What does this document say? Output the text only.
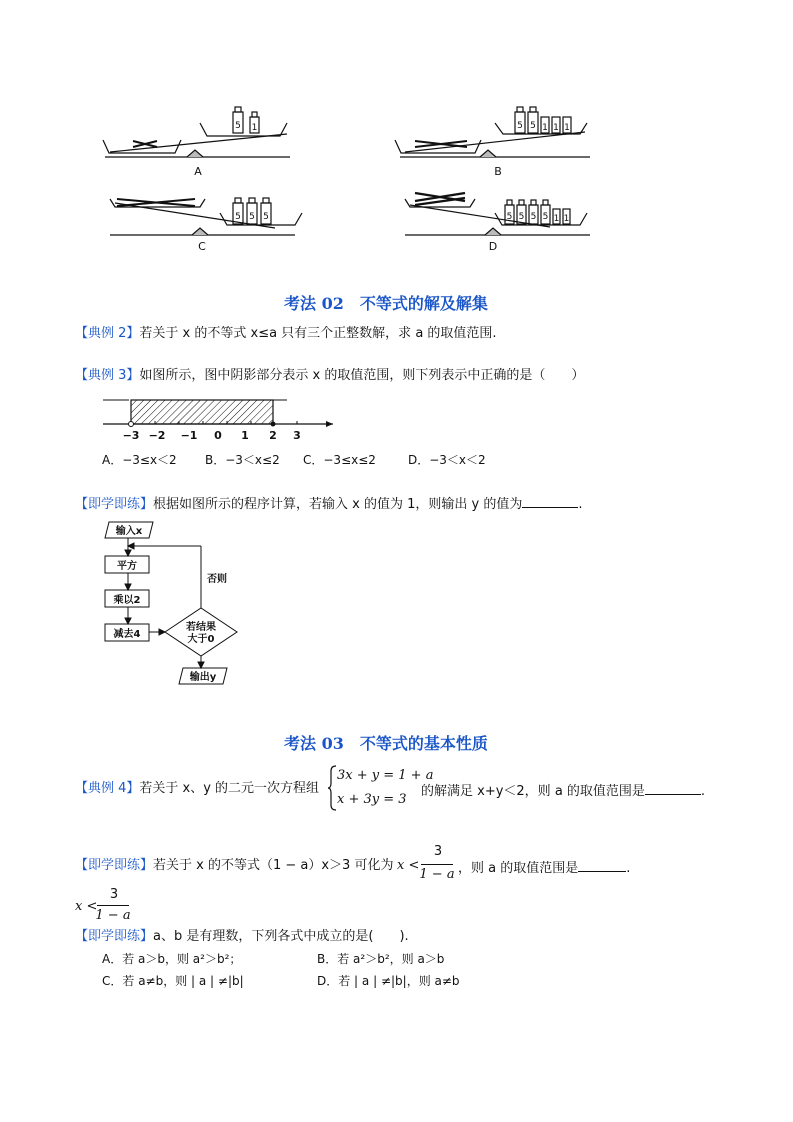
5 1	5 5 1 1 1
5 5 5	5 5 5 5 1 1
A	B
C	D
考法 02　不等式的解及解集
【典例 2】若关于 x 的不等式 x≤a 只有三个正整数解，求 a 的取值范围.
【典例 3】如图所示，图中阴影部分表示 x 的取值范围，则下列表示中正确的是（　　）
−3 −2 −1 0 1 2 3
A．−3≤x＜2 B．−3＜x≤2 C．−3≤x≤2	D．−3＜x＜2
【即学即练】根据如图所示的程序计算，若输入 x 的值为 1，则输出 y 的值为	.
输入x
平方
乘以2
减去4
若结果
大于0
否则
输出y
考法 03　不等式的基本性质
【典例 4】若关于 x、y 的二元一次方程组
3x + y = 1 + a
x + 3y = 3
的解满足 x+y＜2，则 a 的取值范围是	.
【即学即练】若关于 x 的不等式（1 − a）x＞3 可化为 x <
3
1 − a ，则 a 的取值范围是	.
x <
3
1 − a
【即学即练】a、b 是有理数，下列各式中成立的是(　　).
A．若 a＞b，则 a²＞b²；	B．若 a²＞b²，则 a＞b
C．若 a≠b，则 | a | ≠|b|	D．若 | a | ≠|b|，则 a≠b
